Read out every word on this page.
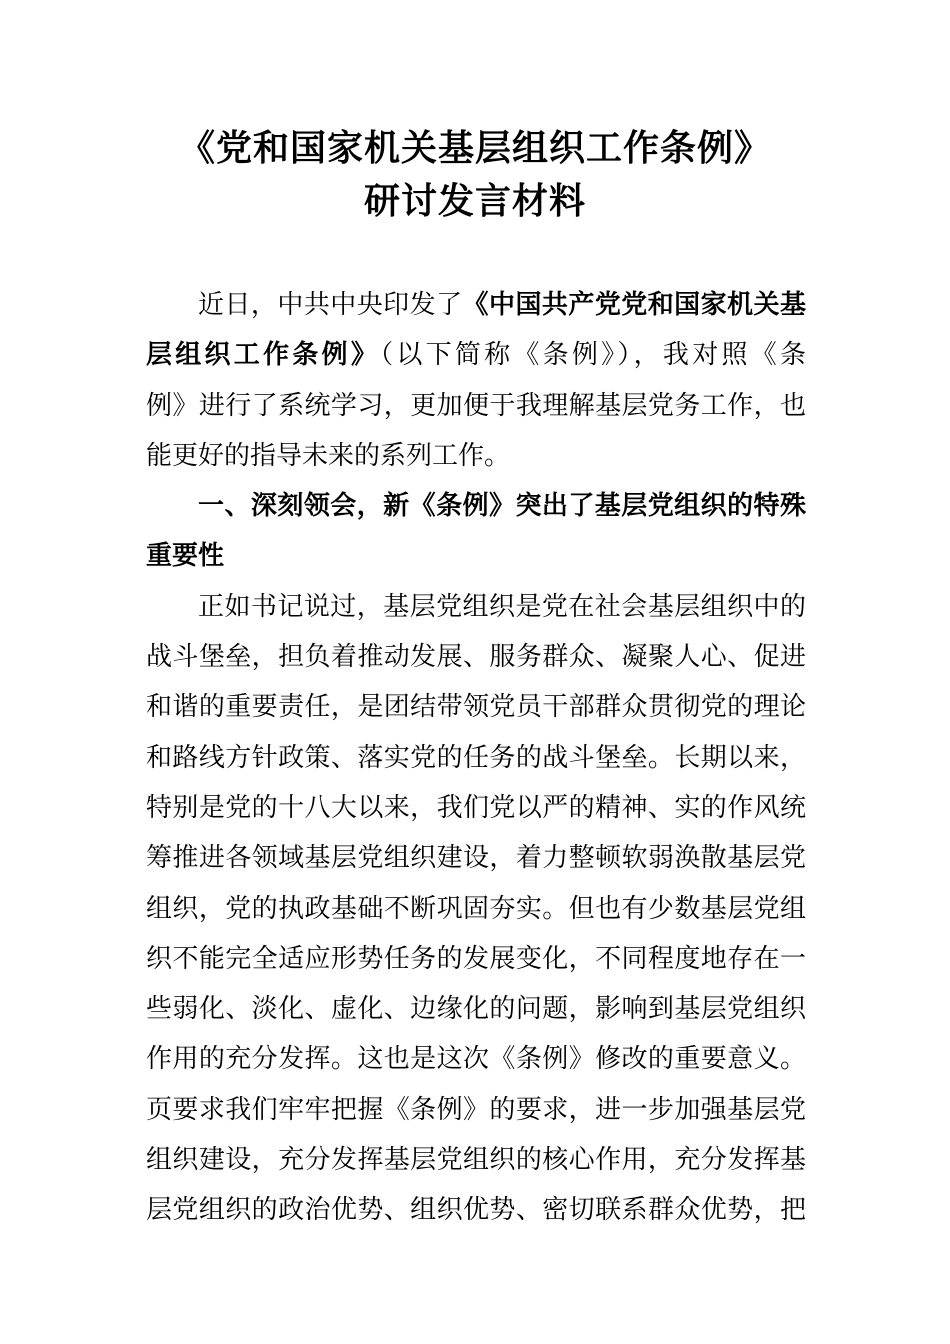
《党和国家机关基层组织工作条例》
研讨发言材料
近日，中共中央印发了《中国共产党党和国家机关基
层组织工作条例》（以下简称《条例》），我对照《条
例》进行了系统学习，更加便于我理解基层党务工作，也
能更好的指导未来的系列工作。
一、深刻领会，新《条例》突出了基层党组织的特殊
重要性
正如书记说过，基层党组织是党在社会基层组织中的
战斗堡垒，担负着推动发展、服务群众、凝聚人心、促进
和谐的重要责任，是团结带领党员干部群众贯彻党的理论
和路线方针政策、落实党的任务的战斗堡垒。长期以来，
特别是党的十八大以来，我们党以严的精神、实的作风统
筹推进各领域基层党组织建设，着力整顿软弱涣散基层党
组织，党的执政基础不断巩固夯实。但也有少数基层党组
织不能完全适应形势任务的发展变化，不同程度地存在一
些弱化、淡化、虚化、边缘化的问题，影响到基层党组织
作用的充分发挥。这也是这次《条例》修改的重要意义。
页要求我们牢牢把握《条例》的要求，进一步加强基层党
组织建设，充分发挥基层党组织的核心作用，充分发挥基
层党组织的政治优势、组织优势、密切联系群众优势，把
